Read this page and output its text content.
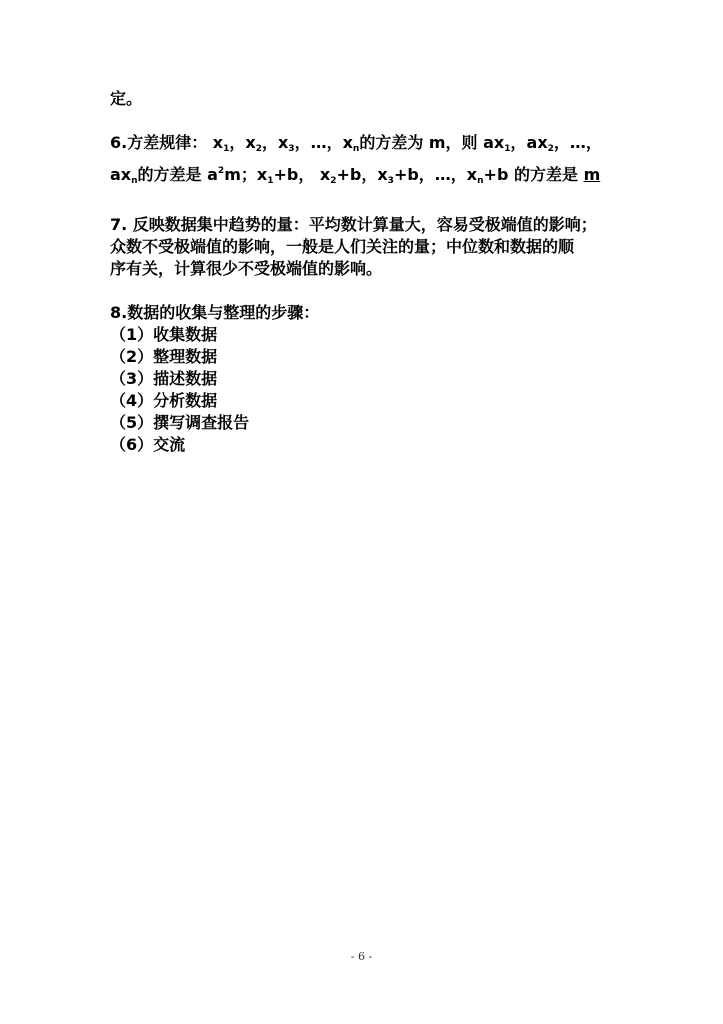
定。
6.方差规律： $x_1$，$x_2$，$x_3$，…，$x_n$的方差为 m，则 $ax_1$，$ax_2$，…，
$ax_n$的方差是 $a^2m$；$x_1+b$， $x_2+b$，$x_3+b$，…，$x_n+b$ 的方差是 m
7. 反映数据集中趋势的量：平均数计算量大，容易受极端值的影响；
众数不受极端值的影响，一般是人们关注的量；中位数和数据的顺
序有关，计算很少不受极端值的影响。
8.数据的收集与整理的步骤：
（1）收集数据
（2）整理数据
（3）描述数据
（4）分析数据
（5）撰写调查报告
（6）交流
- 6 -
